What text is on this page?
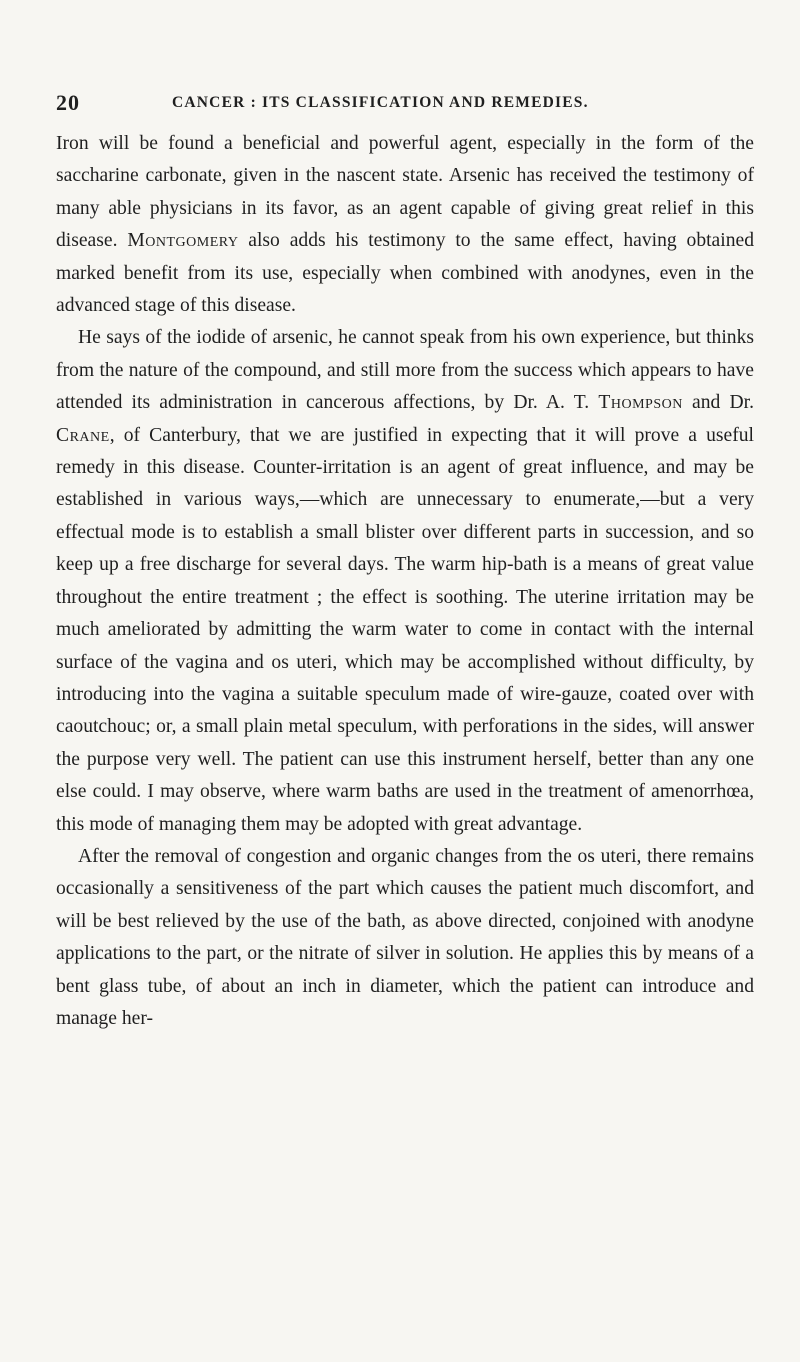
20	CANCER : ITS CLASSIFICATION AND REMEDIES.

Iron will be found a beneficial and powerful agent, especially in the form of the saccharine carbonate, given in the nascent state. Arsenic has received the testimony of many able physicians in its favor, as an agent capable of giving great relief in this disease. Montgomery also adds his testimony to the same effect, having obtained marked benefit from its use, especially when combined with anodynes, even in the advanced stage of this disease.

He says of the iodide of arsenic, he cannot speak from his own experience, but thinks from the nature of the compound, and still more from the success which appears to have attended its administration in cancerous affections, by Dr. A. T. Thompson and Dr. Crane, of Canterbury, that we are justified in expecting that it will prove a useful remedy in this disease. Counter-irritation is an agent of great influence, and may be established in various ways,—which are unnecessary to enumerate,—but a very effectual mode is to establish a small blister over different parts in succession, and so keep up a free discharge for several days. The warm hip-bath is a means of great value throughout the entire treatment ; the effect is soothing. The uterine irritation may be much ameliorated by admitting the warm water to come in contact with the internal surface of the vagina and os uteri, which may be accomplished without difficulty, by introducing into the vagina a suitable speculum made of wire-gauze, coated over with caoutchouc; or, a small plain metal speculum, with perforations in the sides, will answer the purpose very well. The patient can use this instrument herself, better than any one else could. I may observe, where warm baths are used in the treatment of amenorrhœa, this mode of managing them may be adopted with great advantage.

After the removal of congestion and organic changes from the os uteri, there remains occasionally a sensitiveness of the part which causes the patient much discomfort, and will be best relieved by the use of the bath, as above directed, conjoined with anodyne applications to the part, or the nitrate of silver in solution. He applies this by means of a bent glass tube, of about an inch in diameter, which the patient can introduce and manage her-
